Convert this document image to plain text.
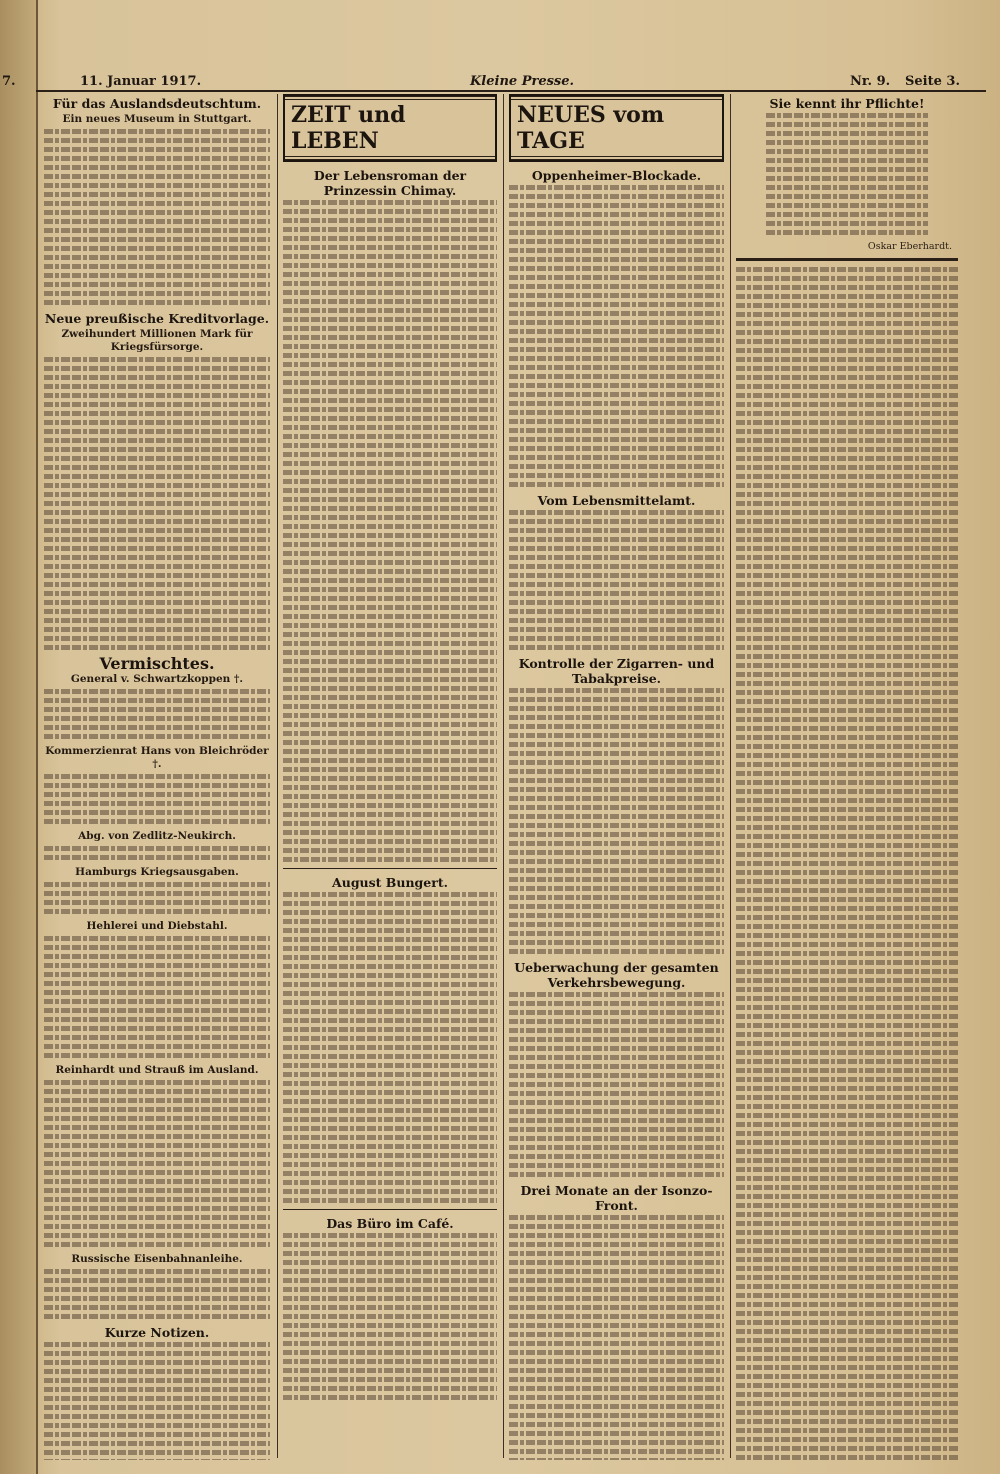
7.	11. Januar 1917.	Kleine Presse.	Nr. 9. Seite 3.
Für das Auslandsdeutschtum.
Ein neues Museum in Stuttgart.
Neue preußische Kreditvorlage.
Zweihundert Millionen Mark für Kriegsfürsorge.
Vermischtes.
General v. Schwartzkoppen †.
Kommerzienrat Hans von Bleichröder †.
Abg. von Zedlitz-Neukirch.
Hamburgs Kriegsausgaben.
Hehlerei und Diebstahl.
Reinhardt und Strauß im Ausland.
Russische Eisenbahnanleihe.
Kurze Notizen.
ZEIT und LEBEN
Der Lebensroman der Prinzessin Chimay.
August Bungert.
Das Büro im Café.
NEUES vom TAGE
Oppenheimer-Blockade.
Vom Lebensmittelamt.
Kontrolle der Zigarren- und Tabakpreise.
Ueberwachung der gesamten Verkehrsbewegung.
Drei Monate an der Isonzo-Front.
Sie kennt ihr Pflichte!
Oskar Eberhardt.
